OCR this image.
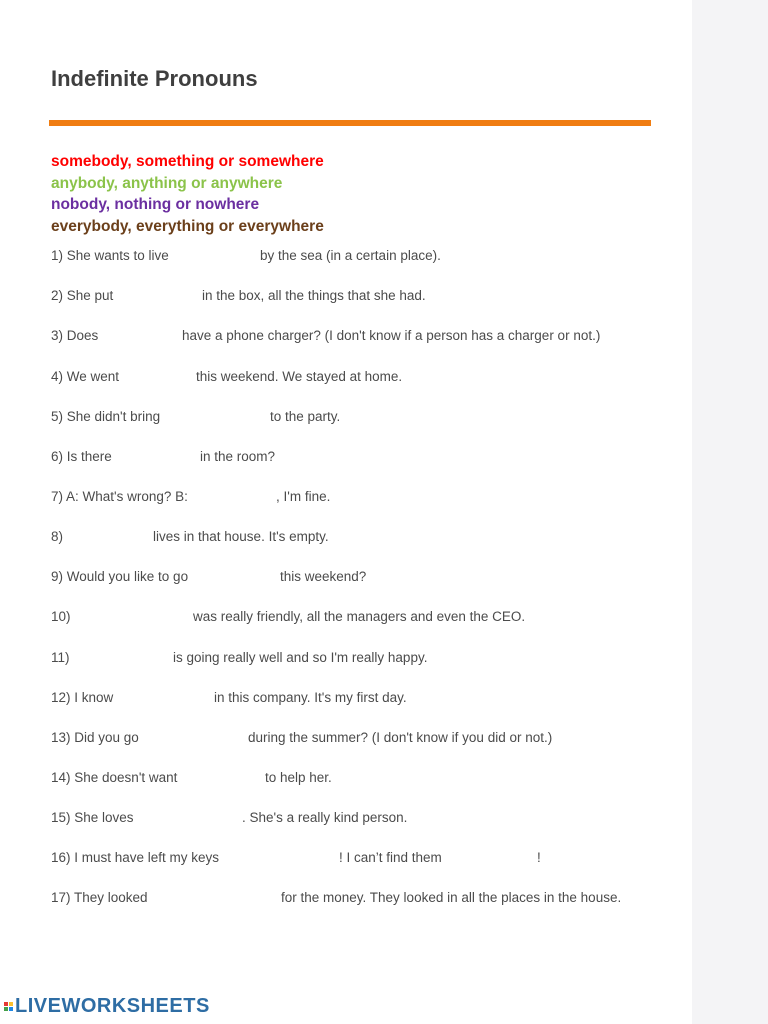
Indefinite Pronouns
somebody, something or somewhere
anybody, anything or anywhere
nobody, nothing or nowhere
everybody, everything or everywhere
1) She wants to live	by the sea (in a certain place).
2) She put	in the box, all the things that she had.
3) Does	have a phone charger? (I don't know if a person has a charger or not.)
4) We went	this weekend. We stayed at home.
5) She didn't bring	to the party.
6) Is there	in the room?
7) A: What's wrong? B:	, I'm fine.
8)	lives in that house. It's empty.
9) Would you like to go	this weekend?
10)	was really friendly, all the managers and even the CEO.
11)	is going really well and so I'm really happy.
12) I know	in this company. It's my first day.
13) Did you go	during the summer? (I don't know if you did or not.)
14) She doesn't want	to help her.
15) She loves	. She's a really kind person.
16) I must have left my keys	! I can’t find them	!
17) They looked	for the money. They looked in all the places in the house.
LIVEWORKSHEETS
